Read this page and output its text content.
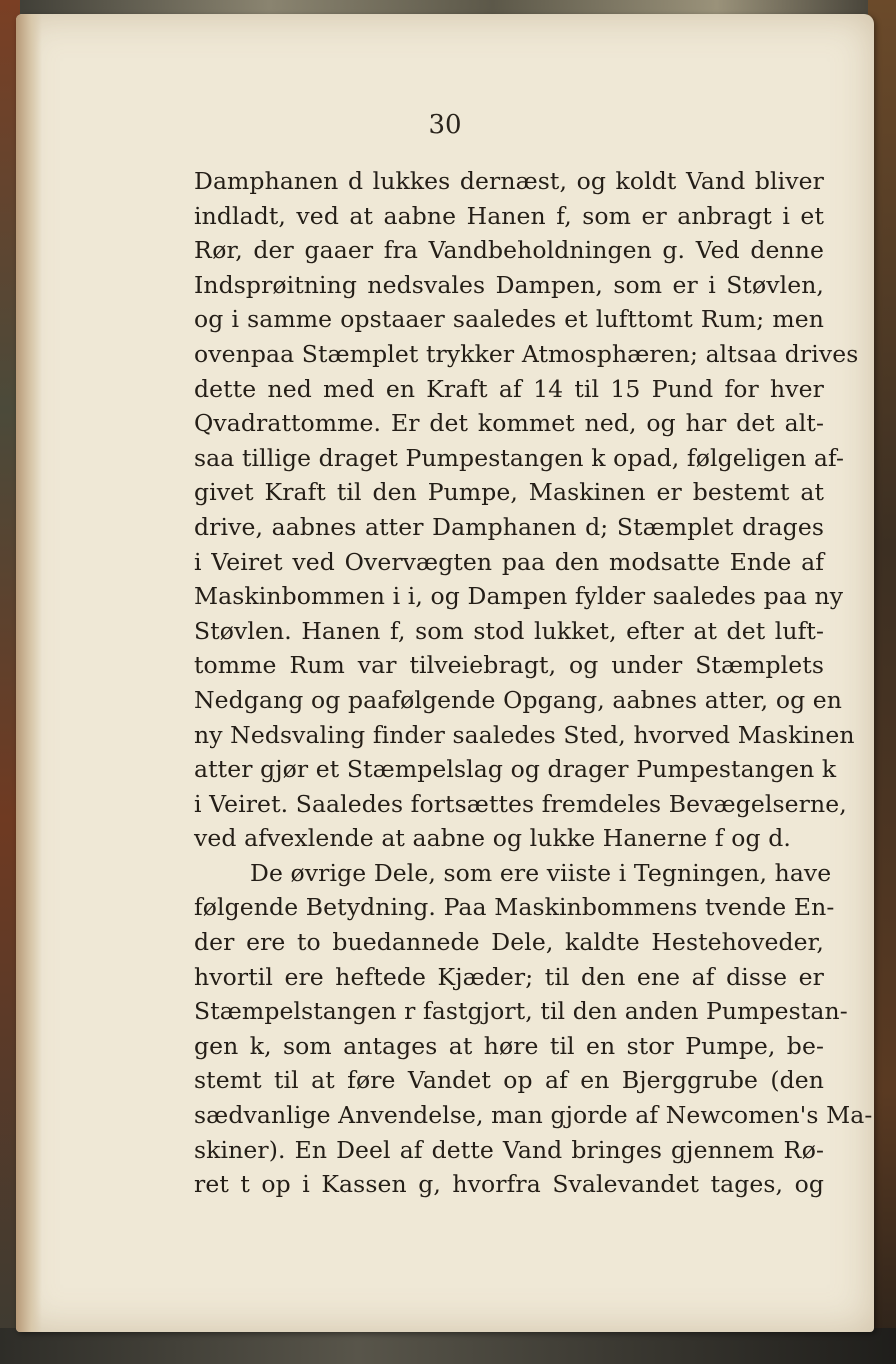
30
Damphanen d lukkes dernæst, og koldt Vand bliver
indladt, ved at aabne Hanen f, som er anbragt i et
Rør, der gaaer fra Vandbeholdningen g. Ved denne
Indsprøitning nedsvales Dampen, som er i Støvlen,
og i samme opstaaer saaledes et lufttomt Rum; men
ovenpaa Stæmplet trykker Atmosphæren; altsaa drives
dette ned med en Kraft af 14 til 15 Pund for hver
Qvadrattomme. Er det kommet ned, og har det alt-
saa tillige draget Pumpestangen k opad, følgeligen af-
givet Kraft til den Pumpe, Maskinen er bestemt at
drive, aabnes atter Damphanen d; Stæmplet drages
i Veiret ved Overvægten paa den modsatte Ende af
Maskinbommen i i, og Dampen fylder saaledes paa ny
Støvlen. Hanen f, som stod lukket, efter at det luft-
tomme Rum var tilveiebragt, og under Stæmplets
Nedgang og paafølgende Opgang, aabnes atter, og en
ny Nedsvaling finder saaledes Sted, hvorved Maskinen
atter gjør et Stæmpelslag og drager Pumpestangen k
i Veiret. Saaledes fortsættes fremdeles Bevægelserne,
ved afvexlende at aabne og lukke Hanerne f og d.
De øvrige Dele, som ere viiste i Tegningen, have
følgende Betydning. Paa Maskinbommens tvende En-
der ere to buedannede Dele, kaldte Hestehoveder,
hvortil ere heftede Kjæder; til den ene af disse er
Stæmpelstangen r fastgjort, til den anden Pumpestan-
gen k, som antages at høre til en stor Pumpe, be-
stemt til at føre Vandet op af en Bjerggrube (den
sædvanlige Anvendelse, man gjorde af Newcomen's Ma-
skiner). En Deel af dette Vand bringes gjennem Rø-
ret t op i Kassen g, hvorfra Svalevandet tages, og
